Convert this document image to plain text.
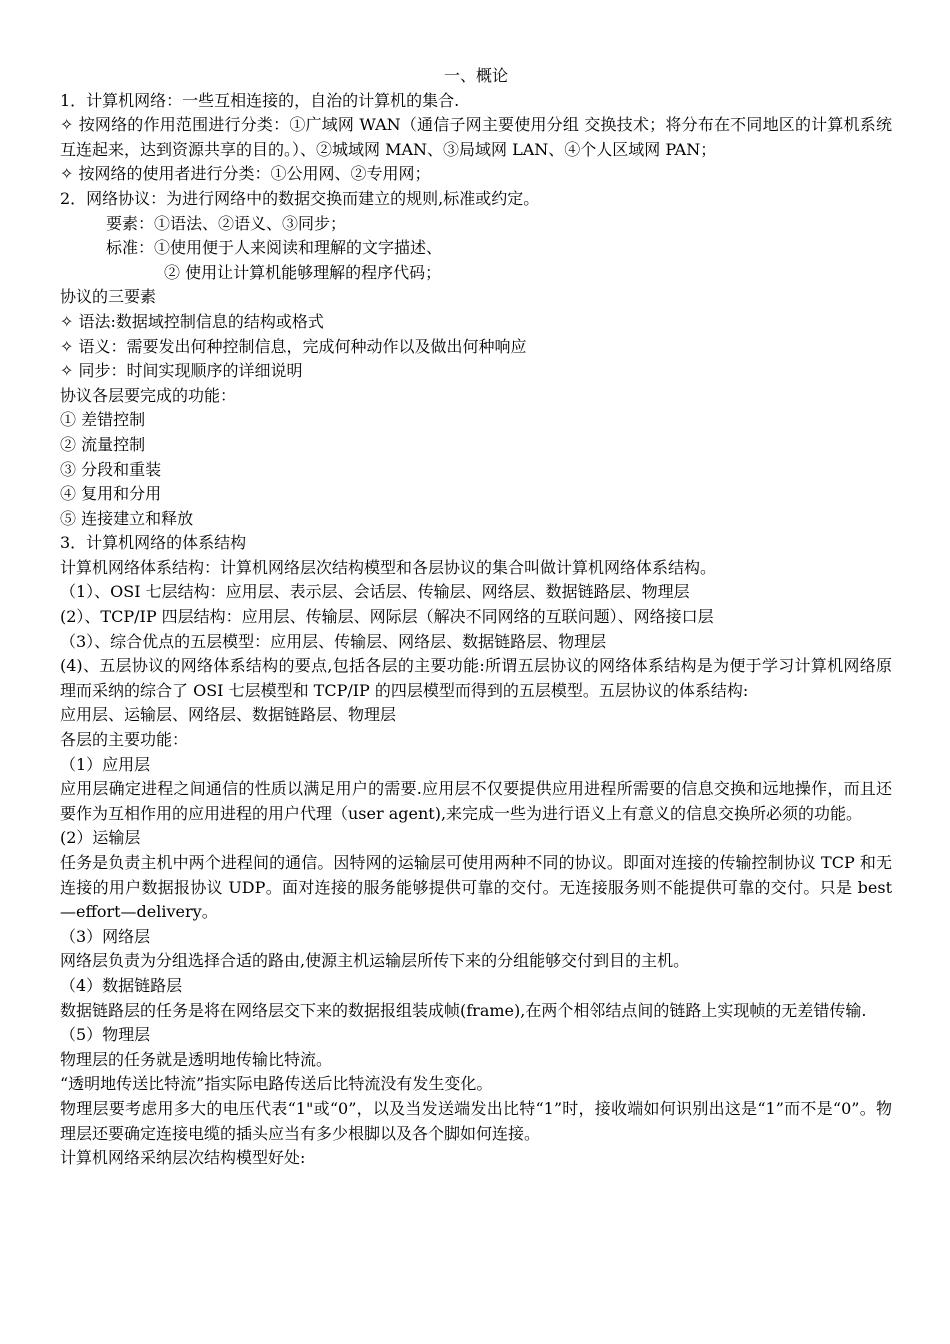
一、概论

1．计算机网络：一些互相连接的，自治的计算机的集合.

✧ 按网络的作用范围进行分类：①广域网 WAN（通信子网主要使用分组 交换技术；将分布在不同地区的计算机系统互连起来，达到资源共享的目的。）、②城域网 MAN、③局域网 LAN、④个人区域网 PAN；

✧ 按网络的使用者进行分类：①公用网、②专用网；

2．网络协议：为进行网络中的数据交换而建立的规则,标准或约定。

要素：①语法、②语义、③同步；

标准：①使用便于人来阅读和理解的文字描述、

② 使用让计算机能够理解的程序代码；

协议的三要素

✧ 语法:数据域控制信息的结构或格式

✧ 语义：需要发出何种控制信息，完成何种动作以及做出何种响应

✧ 同步：时间实现顺序的详细说明

协议各层要完成的功能：

① 差错控制

② 流量控制

③ 分段和重装

④ 复用和分用

⑤ 连接建立和释放

3．计算机网络的体系结构

计算机网络体系结构：计算机网络层次结构模型和各层协议的集合叫做计算机网络体系结构。

（1）、OSI 七层结构：应用层、表示层、会话层、传输层、网络层、数据链路层、物理层

(2）、TCP/IP 四层结构：应用层、传输层、网际层（解决不同网络的互联问题）、网络接口层

（3）、综合优点的五层模型：应用层、传输层、网络层、数据链路层、物理层

(4)、五层协议的网络体系结构的要点,包括各层的主要功能:所谓五层协议的网络体系结构是为便于学习计算机网络原理而采纳的综合了 OSI 七层模型和 TCP/IP 的四层模型而得到的五层模型。五层协议的体系结构:

应用层、运输层、网络层、数据链路层、物理层

各层的主要功能：

（1）应用层

应用层确定进程之间通信的性质以满足用户的需要.应用层不仅要提供应用进程所需要的信息交换和远地操作，而且还要作为互相作用的应用进程的用户代理（user agent),来完成一些为进行语义上有意义的信息交换所必须的功能。

(2）运输层

任务是负责主机中两个进程间的通信。因特网的运输层可使用两种不同的协议。即面对连接的传输控制协议 TCP 和无连接的用户数据报协议 UDP。面对连接的服务能够提供可靠的交付。无连接服务则不能提供可靠的交付。只是 best—effort—delivery。

（3）网络层

网络层负责为分组选择合适的路由,使源主机运输层所传下来的分组能够交付到目的主机。

（4）数据链路层

数据链路层的任务是将在网络层交下来的数据报组装成帧(frame),在两个相邻结点间的链路上实现帧的无差错传输.

（5）物理层

物理层的任务就是透明地传输比特流。

“透明地传送比特流”指实际电路传送后比特流没有发生变化。

物理层要考虑用多大的电压代表“1"或“0”，以及当发送端发出比特“1”时，接收端如何识别出这是“1”而不是“0”。物理层还要确定连接电缆的插头应当有多少根脚以及各个脚如何连接。

计算机网络采纳层次结构模型好处:
